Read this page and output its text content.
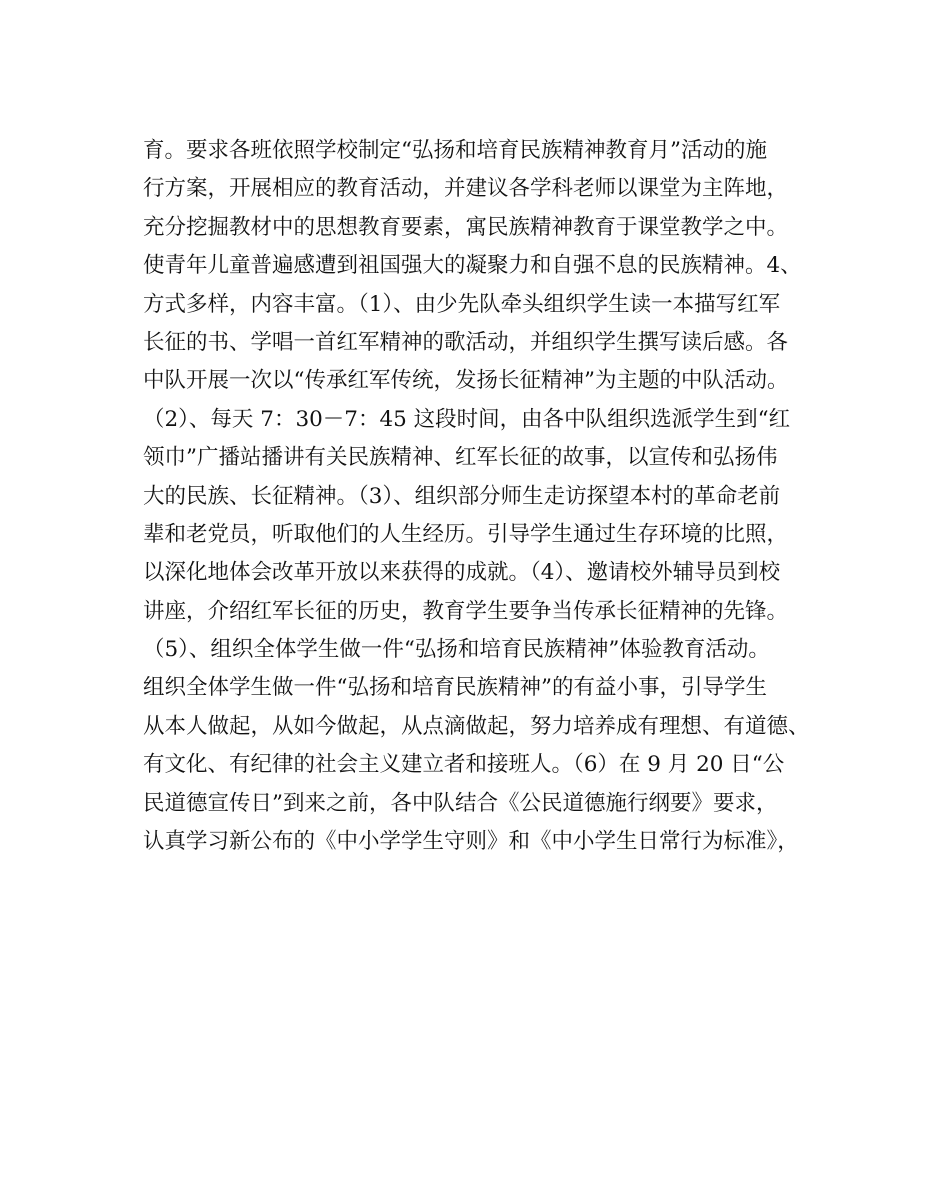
育。要求各班依照学校制定“弘扬和培育民族精神教育月”活动的施
行方案，开展相应的教育活动，并建议各学科老师以课堂为主阵地，
充分挖掘教材中的思想教育要素，寓民族精神教育于课堂教学之中。
使青年儿童普遍感遭到祖国强大的凝聚力和自强不息的民族精神。4、
方式多样，内容丰富。（1）、由少先队牵头组织学生读一本描写红军
长征的书、学唱一首红军精神的歌活动，并组织学生撰写读后感。各
中队开展一次以“传承红军传统，发扬长征精神”为主题的中队活动。
（2）、每天 7：30－7：45 这段时间，由各中队组织选派学生到“红
领巾”广播站播讲有关民族精神、红军长征的故事，以宣传和弘扬伟
大的民族、长征精神。（3）、组织部分师生走访探望本村的革命老前
辈和老党员，听取他们的人生经历。引导学生通过生存环境的比照，
以深化地体会改革开放以来获得的成就。（4）、邀请校外辅导员到校
讲座，介绍红军长征的历史，教育学生要争当传承长征精神的先锋。
（5）、组织全体学生做一件“弘扬和培育民族精神”体验教育活动。
组织全体学生做一件“弘扬和培育民族精神”的有益小事，引导学生
从本人做起，从如今做起，从点滴做起，努力培养成有理想、有道德、
有文化、有纪律的社会主义建立者和接班人。（6）在 9 月 20 日“公
民道德宣传日”到来之前，各中队结合《公民道德施行纲要》要求，
认真学习新公布的《中小学学生守则》和《中小学生日常行为标准》，
